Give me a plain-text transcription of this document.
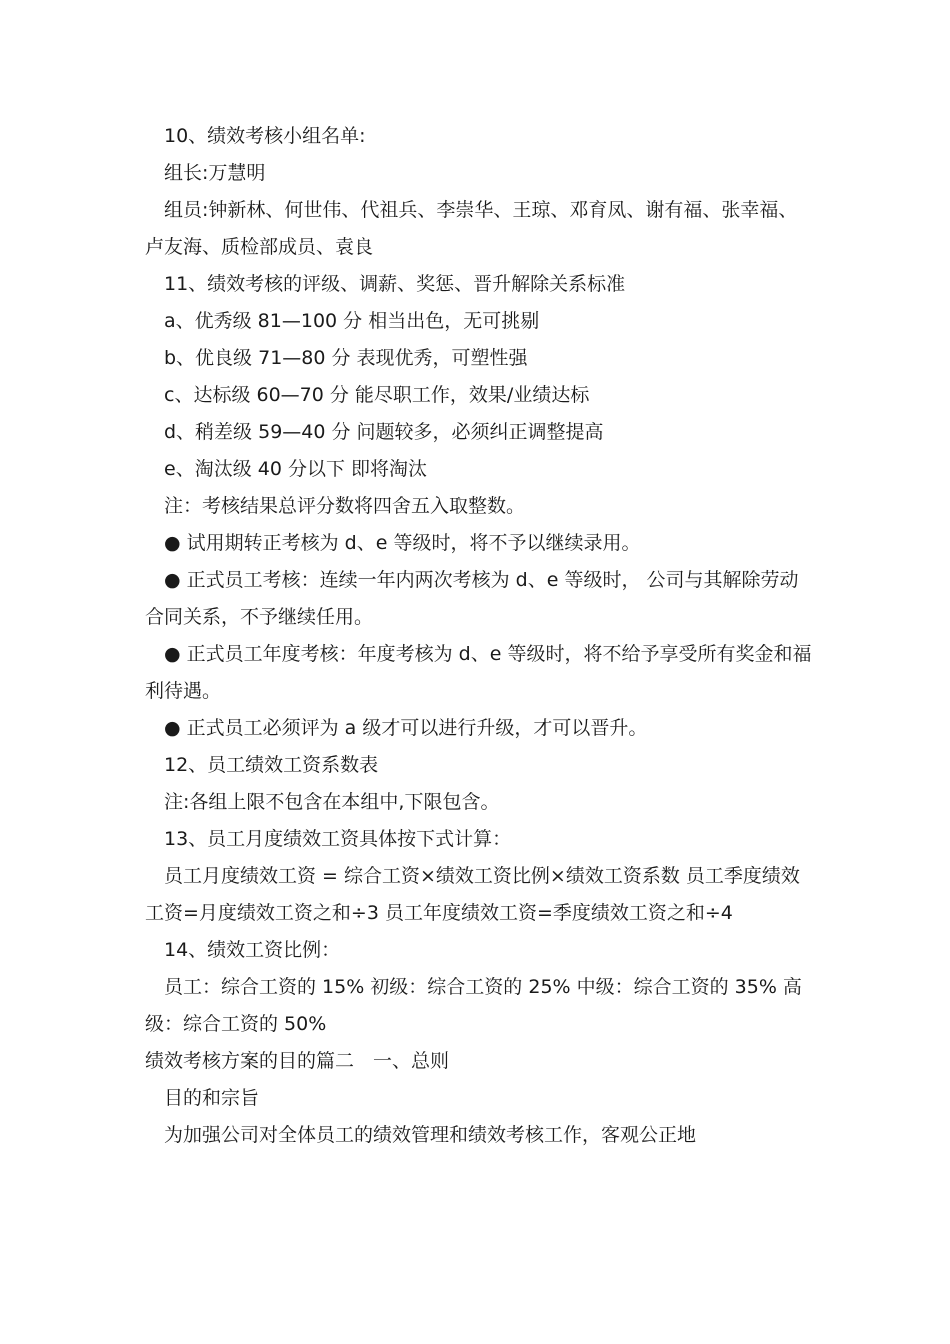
10、绩效考核小组名单:

组长:万慧明

组员:钟新林、何世伟、代祖兵、李崇华、王琼、邓育凤、谢有福、张幸福、卢友海、质检部成员、袁良

11、绩效考核的评级、调薪、奖惩、晋升解除关系标准

a、优秀级 81—100 分 相当出色，无可挑剔

b、优良级 71—80 分 表现优秀，可塑性强

c、达标级 60—70 分 能尽职工作，效果/业绩达标

d、稍差级 59—40 分 问题较多，必须纠正调整提高

e、淘汰级 40 分以下 即将淘汰

注：考核结果总评分数将四舍五入取整数。

● 试用期转正考核为 d、e 等级时，将不予以继续录用。

● 正式员工考核：连续一年内两次考核为 d、e 等级时， 公司与其解除劳动合同关系，不予继续任用。

● 正式员工年度考核：年度考核为 d、e 等级时，将不给予享受所有奖金和福利待遇。

● 正式员工必须评为 a 级才可以进行升级，才可以晋升。

12、员工绩效工资系数表

注:各组上限不包含在本组中,下限包含。

13、员工月度绩效工资具体按下式计算：

员工月度绩效工资 = 综合工资×绩效工资比例×绩效工资系数 员工季度绩效工资=月度绩效工资之和÷3 员工年度绩效工资=季度绩效工资之和÷4

14、绩效工资比例：

员工：综合工资的 15% 初级：综合工资的 25% 中级：综合工资的 35% 高级：综合工资的 50%

绩效考核方案的目的篇二　一、总则

目的和宗旨

为加强公司对全体员工的绩效管理和绩效考核工作，客观公正地
